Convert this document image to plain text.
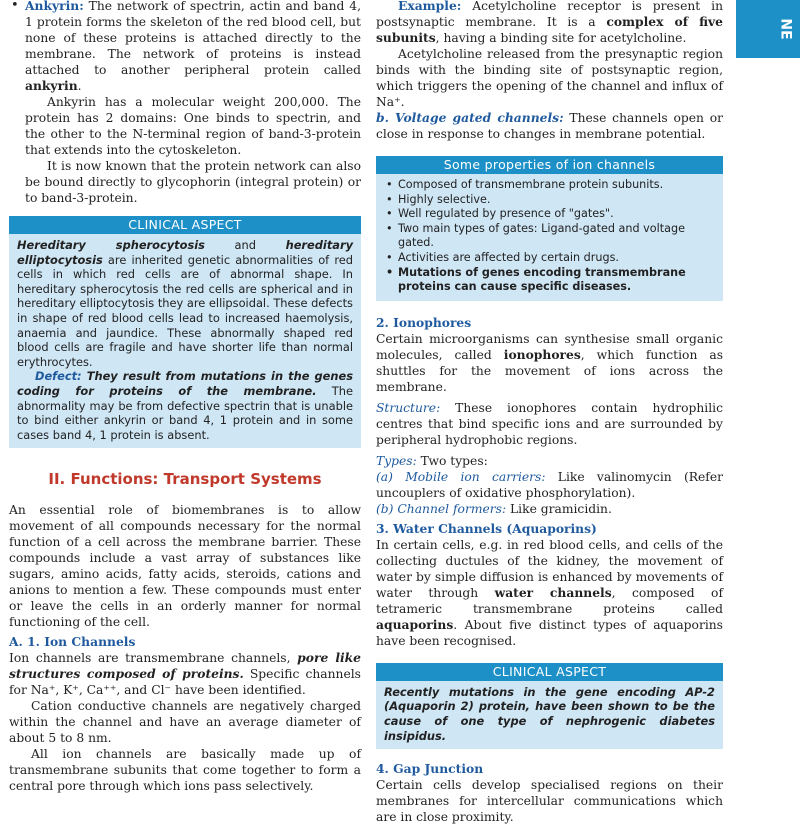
NE
• Ankyrin: The network of spectrin, actin and band 4, 1 protein forms the skeleton of the red blood cell, but none of these proteins is attached directly to the membrane. The network of proteins is instead attached to another peripheral protein called ankyrin.

Ankyrin has a molecular weight 200,000. The protein has 2 domains: One binds to spectrin, and the other to the N-terminal region of band-3-protein that extends into the cytoskeleton.

It is now known that the protein network can also be bound directly to glycophorin (integral protein) or to band-3-protein.

CLINICAL ASPECT

Hereditary spherocytosis and hereditary elliptocytosis are inherited genetic abnormalities of red cells in which red cells are of abnormal shape. In hereditary spherocytosis the red cells are spherical and in hereditary elliptocytosis they are ellipsoidal. These defects in shape of red blood cells lead to increased haemolysis, anaemia and jaundice. These abnormally shaped red blood cells are fragile and have shorter life than normal erythrocytes.

Defect: They result from mutations in the genes coding for proteins of the membrane. The abnormality may be from defective spectrin that is unable to bind either ankyrin or band 4, 1 protein and in some cases band 4, 1 protein is absent.

II. Functions: Transport Systems

An essential role of biomembranes is to allow movement of all compounds necessary for the normal function of a cell across the membrane barrier. These compounds include a vast array of substances like sugars, amino acids, fatty acids, steroids, cations and anions to mention a few. These compounds must enter or leave the cells in an orderly manner for normal functioning of the cell.

A. 1. Ion Channels

Ion channels are transmembrane channels, pore like structures composed of proteins. Specific channels for Na⁺, K⁺, Ca⁺⁺, and Cl⁻ have been identified.

Cation conductive channels are negatively charged within the channel and have an average diameter of about 5 to 8 nm.

All ion channels are basically made up of transmembrane subunits that come together to form a central pore through which ions pass selectively.

Example: Acetylcholine receptor is present in postsynaptic membrane. It is a complex of five subunits, having a binding site for acetylcholine.

Acetylcholine released from the presynaptic region binds with the binding site of postsynaptic region, which triggers the opening of the channel and influx of Na⁺.

b. Voltage gated channels: These channels open or close in response to changes in membrane potential.

Some properties of ion channels
• Composed of transmembrane protein subunits.
• Highly selective.
• Well regulated by presence of "gates".
• Two main types of gates: Ligand-gated and voltage gated.
• Activities are affected by certain drugs.
• Mutations of genes encoding transmembrane proteins can cause specific diseases.
2. Ionophores

Certain microorganisms can synthesise small organic molecules, called ionophores, which function as shuttles for the movement of ions across the membrane.

Structure: These ionophores contain hydrophilic centres that bind specific ions and are surrounded by peripheral hydrophobic regions.

Types: Two types:

(a) Mobile ion carriers: Like valinomycin (Refer uncouplers of oxidative phosphorylation).

(b) Channel formers: Like gramicidin.

3. Water Channels (Aquaporins)

In certain cells, e.g. in red blood cells, and cells of the collecting ductules of the kidney, the movement of water by simple diffusion is enhanced by movements of water through water channels, composed of tetrameric transmembrane proteins called aquaporins. About five distinct types of aquaporins have been recognised.

CLINICAL ASPECT

Recently mutations in the gene encoding AP-2 (Aquaporin 2) protein, have been shown to be the cause of one type of nephrogenic diabetes insipidus.

4. Gap Junction

Certain cells develop specialised regions on their membranes for intercellular communications which are in close proximity.
